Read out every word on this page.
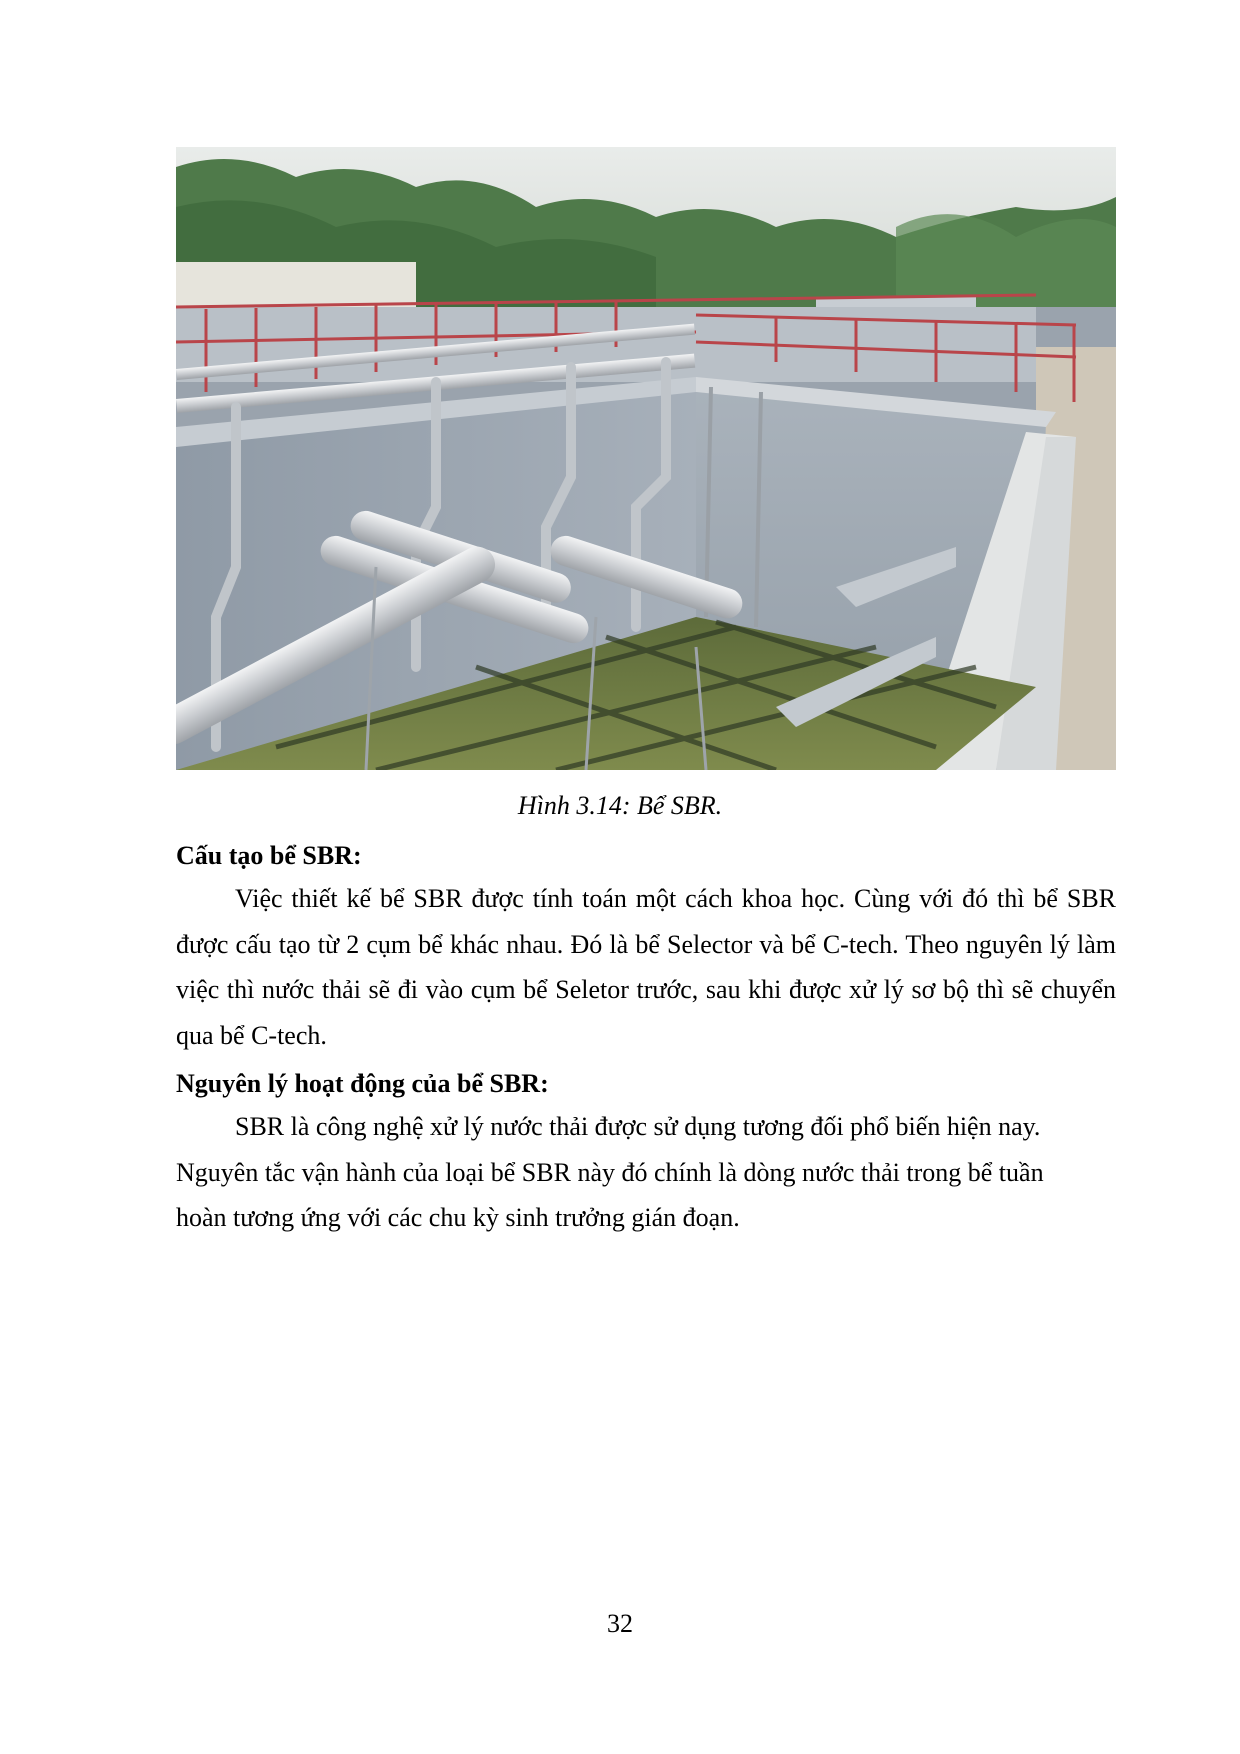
Hình 3.14: Bể SBR.
Cấu tạo bể SBR:
Việc thiết kế bể SBR được tính toán một cách khoa học. Cùng với đó thì bể SBR được cấu tạo từ 2 cụm bể khác nhau. Đó là bể Selector và bể C-tech. Theo nguyên lý làm việc thì nước thải sẽ đi vào cụm bể Seletor trước, sau khi được xử lý sơ bộ thì sẽ chuyển qua bể C-tech.
Nguyên lý hoạt động của bể SBR:
SBR là công nghệ xử lý nước thải được sử dụng tương đối phổ biến hiện nay. Nguyên tắc vận hành của loại bể SBR này đó chính là dòng nước thải trong bể tuần hoàn tương ứng với các chu kỳ sinh trưởng gián đoạn.
32
